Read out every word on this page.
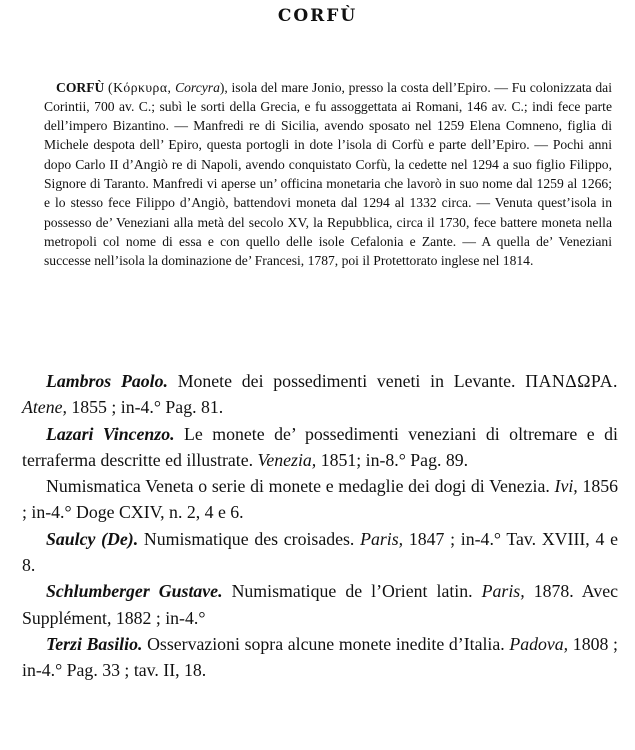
CORFÙ

CORFÙ (Κόρκυρα, Corcyra), isola del mare Jonio, presso la costa dell’Epiro. — Fu colonizzata dai Corintii, 700 av. C.; subì le sorti della Grecia, e fu assoggettata ai Romani, 146 av. C.; indi fece parte dell’impero Bizantino. — Manfredi re di Sicilia, avendo sposato nel 1259 Elena Comneno, figlia di Michele despota dell’ Epiro, questa portogli in dote l’isola di Corfù e parte dell’Epiro. — Pochi anni dopo Carlo II d’Angiò re di Napoli, avendo conquistato Corfù, la cedette nel 1294 a suo figlio Filippo, Signore di Taranto. Manfredi vi aperse un’ officina monetaria che lavorò in suo nome dal 1259 al 1266; e lo stesso fece Filippo d’Angiò, battendovi moneta dal 1294 al 1332 circa. — Venuta quest’isola in possesso de’ Veneziani alla metà del secolo XV, la Repubblica, circa il 1730, fece battere moneta nella metropoli col nome di essa e con quello delle isole Cefalonia e Zante. — A quella de’ Veneziani successe nell’isola la dominazione de’ Francesi, 1787, poi il Protettorato inglese nel 1814.

Lambros Paolo. Monete dei possedimenti veneti in Levante. ΠΑΝΔΩΡΑ. Atene, 1855 ; in-4.° Pag. 81.

Lazari Vincenzo. Le monete de’ possedimenti veneziani di oltremare e di terraferma descritte ed illustrate. Venezia, 1851; in-8.° Pag. 89.

Numismatica Veneta o serie di monete e medaglie dei dogi di Venezia. Ivi, 1856 ; in-4.° Doge CXIV, n. 2, 4 e 6.

Saulcy (De). Numismatique des croisades. Paris, 1847 ; in-4.° Tav. XVIII, 4 e 8.

Schlumberger Gustave. Numismatique de l’Orient latin. Paris, 1878. Avec Supplément, 1882 ; in-4.°

Terzi Basilio. Osservazioni sopra alcune monete inedite d’Italia. Padova, 1808 ; in-4.° Pag. 33 ; tav. II, 18.
